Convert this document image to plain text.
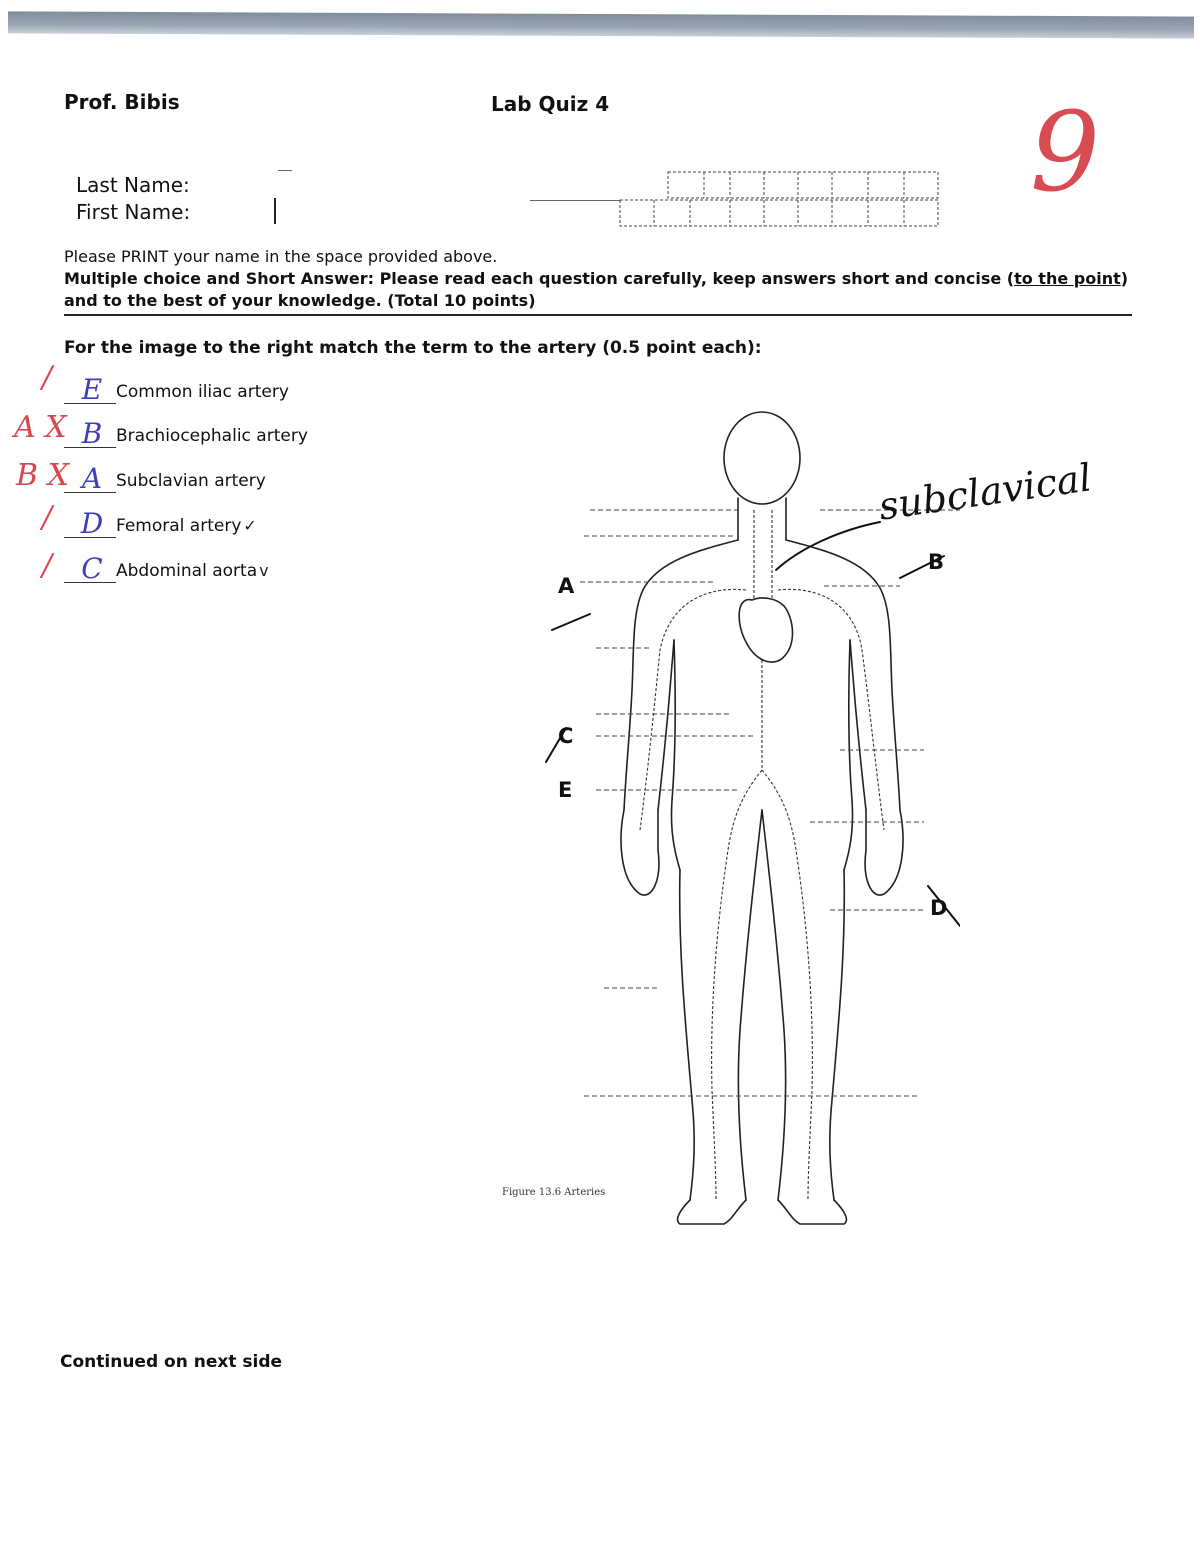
Prof. Bibis	Lab Quiz 4	9
Last Name:
First Name:
Please PRINT your name in the space provided above.
Multiple choice and Short Answer: Please read each question carefully, keep answers short and concise (to the point) and to the best of your knowledge. (Total 10 points)
For the image to the right match the term to the artery (0.5 point each):
E Common iliac artery
B Brachiocephalic artery
A Subclavian artery
D Femoral artery ✓
C Abdominal aorta v
/
A X
B X
/
/
A
B
C
D
E
subclavical
Figure 13.6 Arteries
Continued on next side
